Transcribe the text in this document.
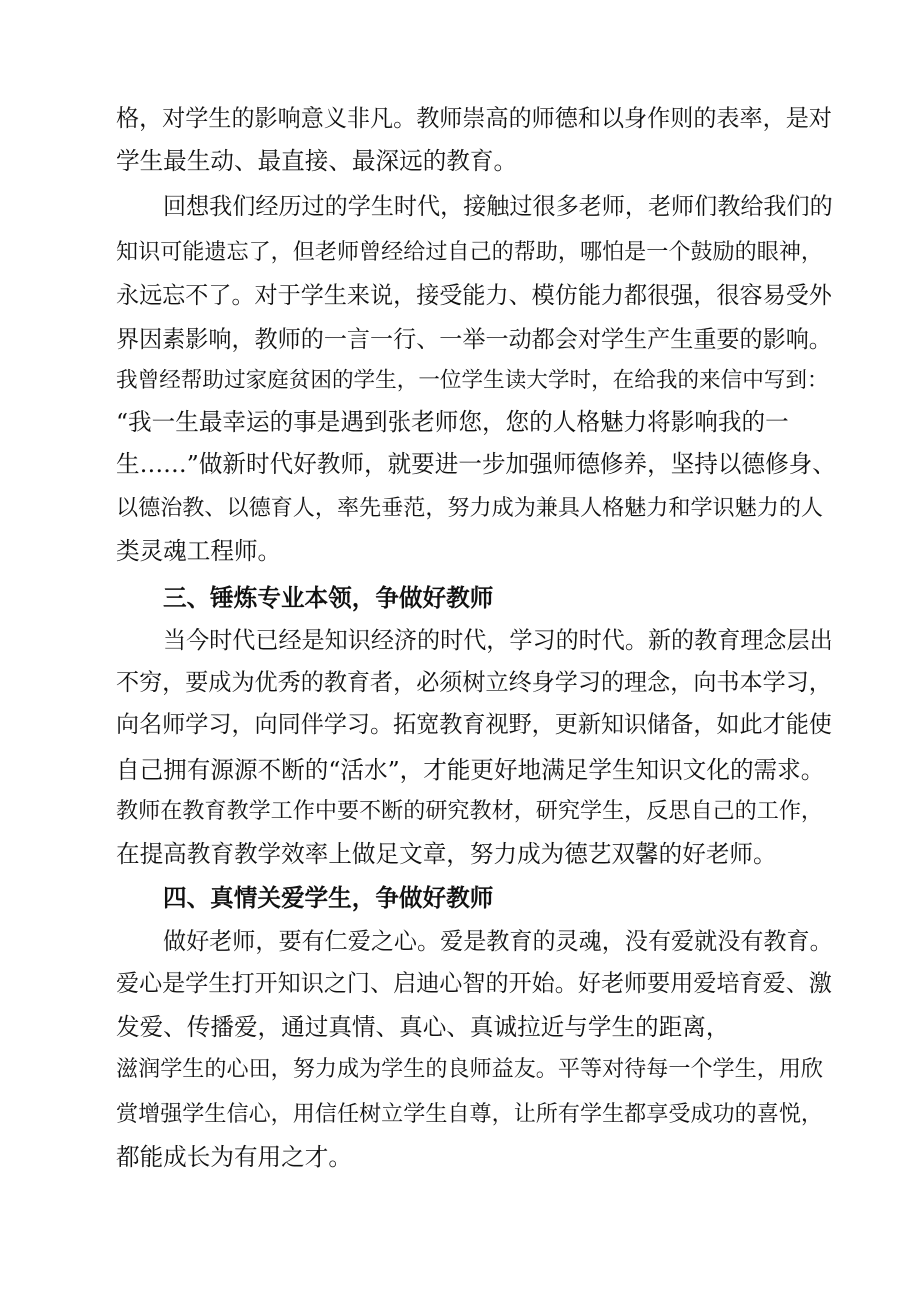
格，对学生的影响意义非凡。教师崇高的师德和以身作则的表率，是对
学生最生动、最直接、最深远的教育。
回想我们经历过的学生时代，接触过很多老师，老师们教给我们的
知识可能遗忘了，但老师曾经给过自己的帮助，哪怕是一个鼓励的眼神，
永远忘不了。对于学生来说，接受能力、模仿能力都很强，很容易受外
界因素影响，教师的一言一行、一举一动都会对学生产生重要的影响。
我曾经帮助过家庭贫困的学生，一位学生读大学时，在给我的来信中写到：
“我一生最幸运的事是遇到张老师您，您的人格魅力将影响我的一
生……”做新时代好教师，就要进一步加强师德修养，坚持以德修身、
以德治教、以德育人，率先垂范，努力成为兼具人格魅力和学识魅力的人
类灵魂工程师。
三、锤炼专业本领，争做好教师
当今时代已经是知识经济的时代，学习的时代。新的教育理念层出
不穷，要成为优秀的教育者，必须树立终身学习的理念，向书本学习，
向名师学习，向同伴学习。拓宽教育视野，更新知识储备，如此才能使
自己拥有源源不断的“活水”，才能更好地满足学生知识文化的需求。
教师在教育教学工作中要不断的研究教材，研究学生，反思自己的工作，
在提高教育教学效率上做足文章，努力成为德艺双馨的好老师。
四、真情关爱学生，争做好教师
做好老师，要有仁爱之心。爱是教育的灵魂，没有爱就没有教育。
爱心是学生打开知识之门、启迪心智的开始。好老师要用爱培育爱、激
发爱、传播爱，通过真情、真心、真诚拉近与学生的距离，
滋润学生的心田，努力成为学生的良师益友。平等对待每一个学生，用欣
赏增强学生信心，用信任树立学生自尊，让所有学生都享受成功的喜悦，
都能成长为有用之才。
